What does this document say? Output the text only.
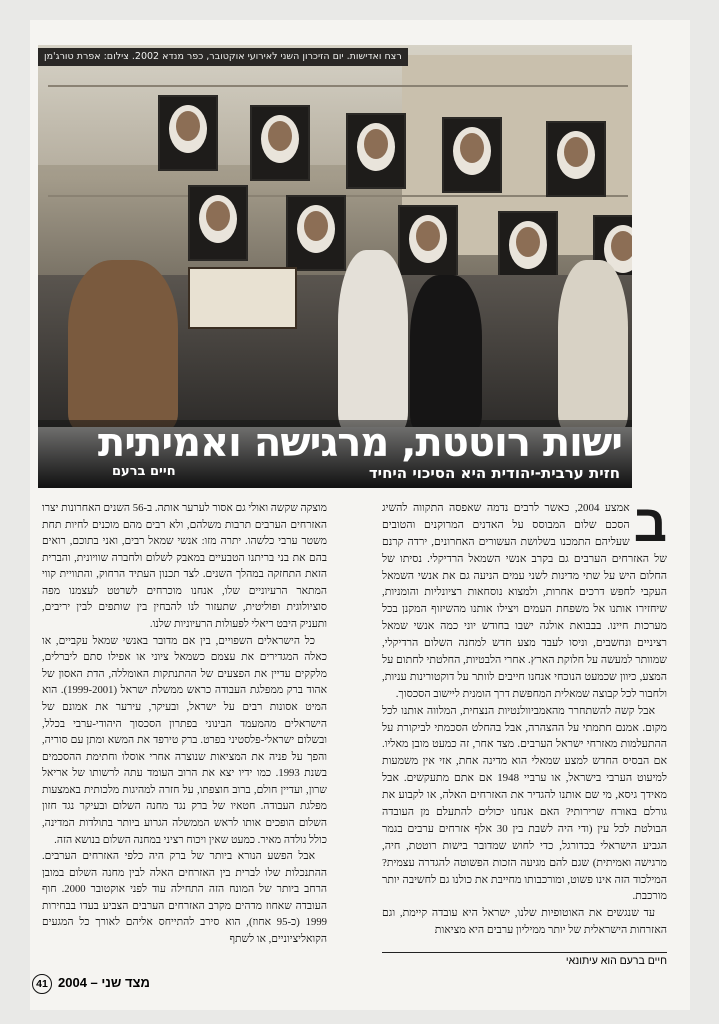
רצח ואדישות. יום הזיכרון השני לאירועי אוקטובר, כפר מנדא 2002. צילום: אפרת טורג'מן
ישות רוטטת, מרגישה ואמיתית
חזית ערבית-יהודית היא הסיכוי היחיד
חיים ברעם

ב
אמצע 2004, כאשר לרבים נדמה שאפסה התקווה להשיג הסכם שלום המבוסס על האדנים המרוקנים והטובים שעליהם התמכנו בשלושת העשורים האחרונים, ירדה קרנם של האזרחים הערבים גם בקרב אנשי השמאל הרדיקלי. נסיתו של החלום היש על שתי מדינות לשני עמים הניעה גם את אנשי השמאל העקבי לחפש דרכים אחרות, ולמצוא נוסחאות רציונליות והומניות, שיחזירו אותנו אל משפחת העמים ויצילו אותנו מהשיזוף המקנן בכל מערכות חיינו. בבבואת אולגה ישבו בחודש יוני כמה אנשי שמאל רציניים ונחשבים, וניסו לעבד מצע חדש למחנה השלום הרדיקלי, שמוותר למעשה על חלוקת הארץ. אחרי הלבטיות, החלטתי לחתום על המצע, כיוון שכמעט הנוכחי אנחנו חייבים לוותר על דוקטורינות עניות, ולחבור לכל קבוצה שמאלית המחפשת דרך הומנית ליישוב הסכסוך.

אבל קשה להשתחרר מהאמביוולנטיות הנצחית, המלווה אותנו לכל מקום. אמנם חתמתי על ההצהרה, אבל בהחלט הסכמתי לביקורת על ההתעלמות מאזרחי ישראל הערבים. מצד אחר, זה כמעט מובן מאליו. אם הבסיס החדש למצע שמאלי הוא מדינה אחת, אזי אין משמעות למיעוט הערבי בישראל, או ערביי 1948 אם אתם מתעקשים. אבל מאידך גיסא, מי שם אותנו להגדיר את האזרחים האלה, או לקבוע את גורלם באורח שרירותי? האם אנחנו יכולים להתעלם מן העובדה הבולטת לכל עין (ודי היה לשבת בין 30 אלף אזרחים ערבים בגמר הגביע הישראלי בכדורגל, כדי לחוש שמדובר בישות רוטטת, חיה, מרגישה ואמיתית) שגם להם מגיעה הזכות הפשוטה להגדרה עצמית? המילכוד הזה אינו פשוט, ומורכבותו מחייבת את כולנו גם לחשיבה יותר מורכבת.

עד שנגשים את האוטופיות שלנו, ישראל היא עובדה קיימת, וגם האזרחות הישראלית של יותר ממיליון ערבים היא מציאות

חיים ברעם הוא עיתונאי

מוצקה שקשה ואולי גם אסור לערער אותה. ב-56 השנים האחרונות יצרו האזרחים הערבים תרבות משלהם, ולא רבים מהם מוכנים לחיות תחת משטר ערבי כלשהו. יתרה מזו: אנשי שמאל רבים, ואני בתוכם, רואים בהם את בני בריתנו הטבעיים במאבק לשלום ולחברה שוויונית, והברית הזאת התחזקה במהלך השנים. לצד תכנון העתיד הרחוק, והתוויית קווי המתאר הרעיוניים שלו, אנחנו מוכרחים לשרטט לעצמנו מפה סוציולוגית ופוליטית, שתעזור לנו להבחין בין שותפים לבין יריבים, ותעניק היבט ריאלי לפעולות הרעיוניות שלנו.

כל הישראלים השפויים, בין אם מדובר באנשי שמאל עקביים, או כאלה המגדירים את עצמם כשמאל ציוני או אפילו סתם ליברלים, מלקקים עדיין את הפצעים של ההתנתקות האומללה, הדת האסון של אהוד ברק ממפלגת העבודה כראש ממשלת ישראל (1999-2001). הוא המיט אסונות רבים על ישראל, ובעיקר, עירער את אמונם של הישראלים מהמעמד הבינוני בפתרון הסכסוך היהודי-ערבי בכלל, ובשלום ישראלי-פלסטיני בפרט. ברק טירפד את המשא ומתן עם סוריה, והפך על פניה את המציאות שנוצרה אחרי אוסלו וחתימת ההסכמים בשנת 1993. כמו ידיו יצא את הרוב העומד עתה לרשותו של אריאל שרון, ועדיין חולם, ברוב חוצפתו, על חזרה למהיגות מלכותית באמצעות מפלגת העבודה. חטאיו של ברק נגד מחנה השלום ובעיקר נגד חזון השלום הופכים אותו לראש הממשלה הגרוע ביותר בתולדות המדינה, כולל גולדה מאיר. כמעט שאין ויכוח רציני במחנה השלום בנושא הזה.

אבל הפשע הנורא ביותר של ברק היה כלפי האזרחים הערבים. ההתנכלות שלו לברית בין האזרחים האלה לבין מחנה השלום במובן הרחב ביותר של המונח הזה התחילה עוד לפני אוקטובר 2000. חוף העובדה שאחוז מדהים מקרב האזרחים הערבים הצביע בעדו בבחירות 1999 (כ-95 אחוז), הוא סירב להתייחס אליהם לאורך כל המגעים הקואליציוניים, או לשתף

41 מצד שני – 2004
